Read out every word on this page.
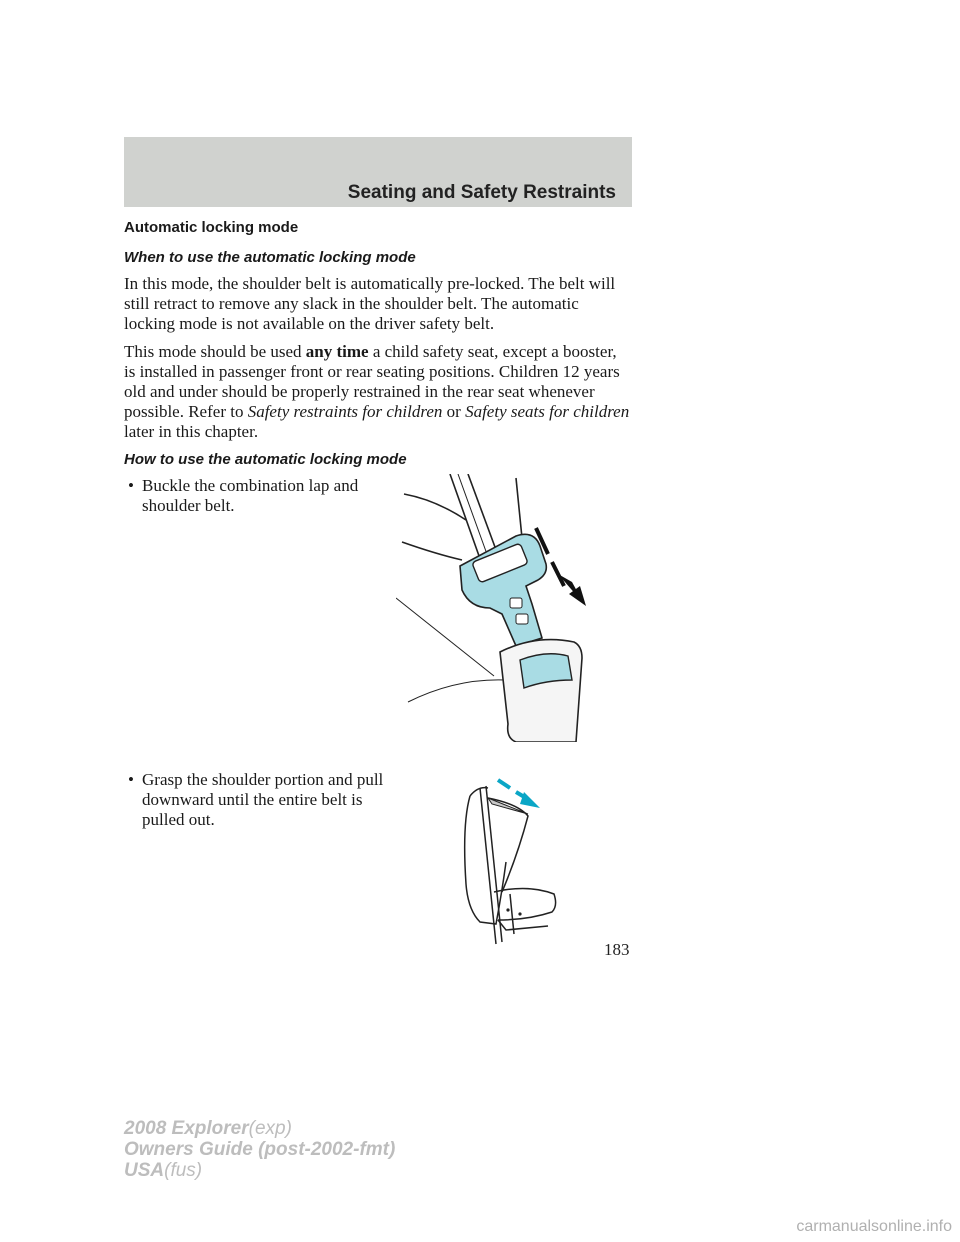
Seating and Safety Restraints
Automatic locking mode
When to use the automatic locking mode

In this mode, the shoulder belt is automatically pre-locked. The belt will still retract to remove any slack in the shoulder belt. The automatic locking mode is not available on the driver safety belt.

This mode should be used any time a child safety seat, except a booster, is installed in passenger front or rear seating positions. Children 12 years old and under should be properly restrained in the rear seat whenever possible. Refer to Safety restraints for children or Safety seats for children later in this chapter.

How to use the automatic locking mode
• Buckle the combination lap and shoulder belt.
• Grasp the shoulder portion and pull downward until the entire belt is pulled out.
183
2008 Explorer(exp)
Owners Guide (post-2002-fmt)
USA(fus)
carmanualsonline.info
